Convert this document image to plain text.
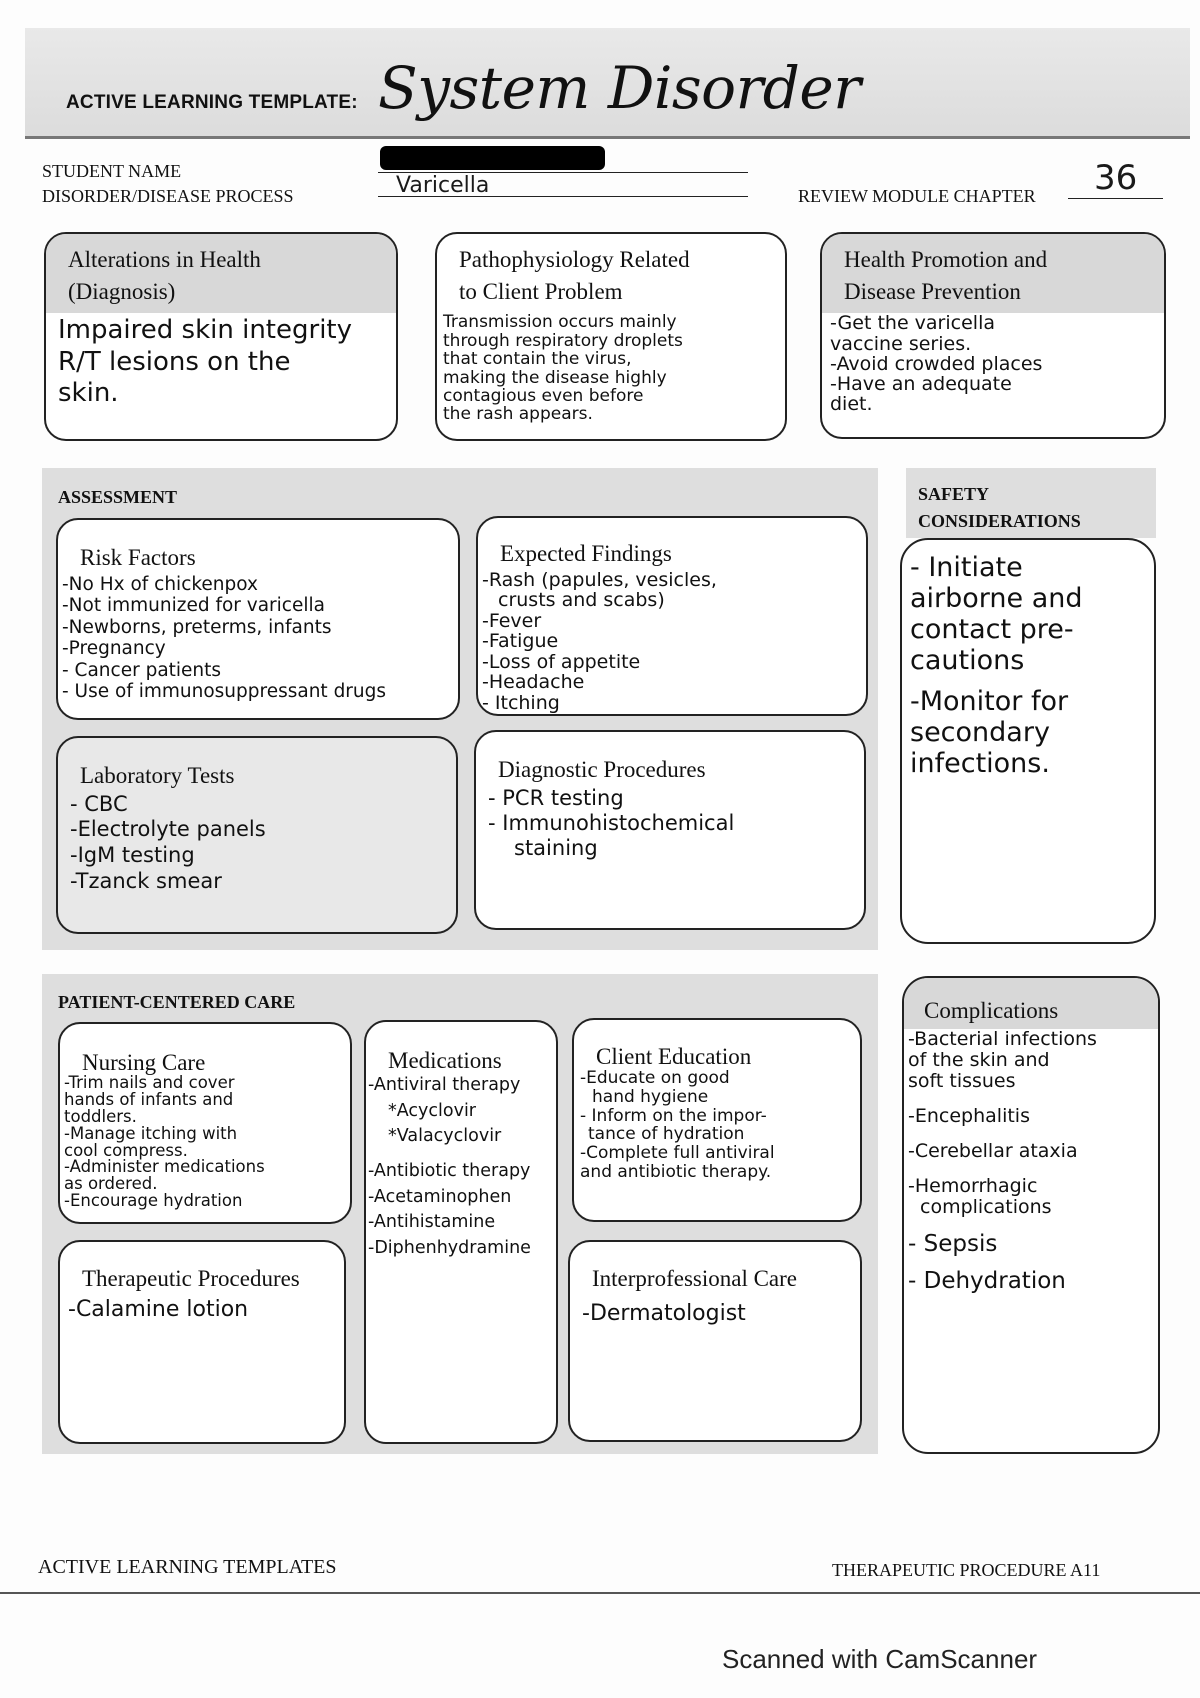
ACTIVE LEARNING TEMPLATE: System Disorder
STUDENT NAME
DISORDER/DISEASE PROCESS	Varicella	REVIEW MODULE CHAPTER 36
Alterations in Health
(Diagnosis)
Impaired skin integrity
R/T lesions on the
skin.
Pathophysiology Related
to Client Problem
Transmission occurs mainly
through respiratory droplets
that contain the virus,
making the disease highly
contagious even before
the rash appears.
Health Promotion and
Disease Prevention
-Get the varicella
vaccine series.
-Avoid crowded places
-Have an adequate
diet.
ASSESSMENT
Risk Factors
-No Hx of chickenpox
-Not immunized for varicella
-Newborns, preterms, infants
-Pregnancy
- Cancer patients
- Use of immunosuppressant drugs
Expected Findings
-Rash (papules, vesicles,
crusts and scabs)
-Fever
-Fatigue
-Loss of appetite
-Headache
- Itching
Laboratory Tests
- CBC
-Electrolyte panels
-IgM testing
-Tzanck smear
Diagnostic Procedures
- PCR testing
- Immunohistochemical
staining
SAFETY
CONSIDERATIONS
- Initiate
airborne and
contact pre-
cautions
-Monitor for
secondary
infections.
PATIENT-CENTERED CARE
Nursing Care
-Trim nails and cover
hands of infants and
toddlers.
-Manage itching with
cool compress.
-Administer medications
as ordered.
-Encourage hydration
Medications
-Antiviral therapy
*Acyclovir
*Valacyclovir
-Antibiotic therapy
-Acetaminophen
-Antihistamine
-Diphenhydramine
Client Education
-Educate on good
hand hygiene
- Inform on the impor-
tance of hydration
-Complete full antiviral
and antibiotic therapy.
Therapeutic Procedures
-Calamine lotion
Interprofessional Care
-Dermatologist
Complications
-Bacterial infections
of the skin and
soft tissues
-Encephalitis
-Cerebellar ataxia
-Hemorrhagic
complications
- Sepsis
- Dehydration
ACTIVE LEARNING TEMPLATES	THERAPEUTIC PROCEDURE A11
Scanned with CamScanner
